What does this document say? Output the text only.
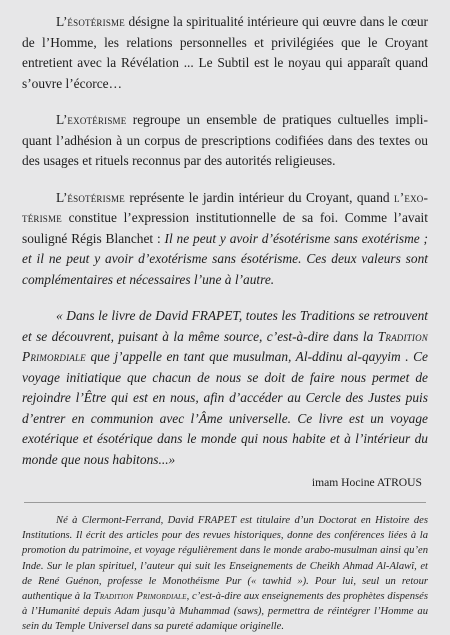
L’ésotérisme désigne la spiritualité intérieure qui œuvre dans le cœur de l’Homme, les relations personnelles et privilégiées que le Croyant entretient avec la Révélation ... Le Subtil est le noyau qui apparaît quand s’ouvre l’écorce…

L’exotérisme regroupe un ensemble de pratiques cultuelles impliquant l’adhésion à un corpus de prescriptions codifiées dans des textes ou des usages et rituels reconnus par des autorités religieuses.

L’ésotérisme représente le jardin intérieur du Croyant, quand l’exotérisme constitue l’expression institutionnelle de sa foi. Comme l’avait souligné Régis Blanchet : Il ne peut y avoir d’ésotérisme sans exotérisme ; et il ne peut y avoir d’exotérisme sans ésotérisme. Ces deux valeurs sont complémentaires et nécessaires l’une à l’autre.

« Dans le livre de David FRAPET, toutes les Traditions se retrouvent et se découvrent, puisant à la même source, c’est-à-dire dans la Tradition Primordiale que j’appelle en tant que musulman, Al-ddinu al-qayyim . Ce voyage initiatique que chacun de nous se doit de faire nous permet de rejoindre l’Être qui est en nous, afin d’accéder au Cercle des Justes puis d’entrer en communion avec l’Âme universelle. Ce livre est un voyage exotérique et ésotérique dans le monde qui nous habite et à l’intérieur du monde que nous habitons...»

imam Hocine ATROUS

Né à Clermont-Ferrand, David FRAPET est titulaire d’un Doctorat en Histoire des Institutions. Il écrit des articles pour des revues historiques, donne des conférences liées à la promotion du patrimoine, et voyage régulièrement dans le monde arabo-musulman ainsi qu’en Inde. Sur le plan spirituel, l’auteur qui suit les Enseignements de Cheikh Ahmad Al-Alawî, et de René Guénon, professe le Monothéisme Pur (« tawhid »). Pour lui, seul un retour authentique à la Tradition Primordiale, c’est-à-dire aux enseignements des prophètes dispensés à l’Humanité depuis Adam jusqu’à Muhammad (saws), permettra de réintégrer l’Homme au sein du Temple Universel dans sa pureté adamique originelle.
